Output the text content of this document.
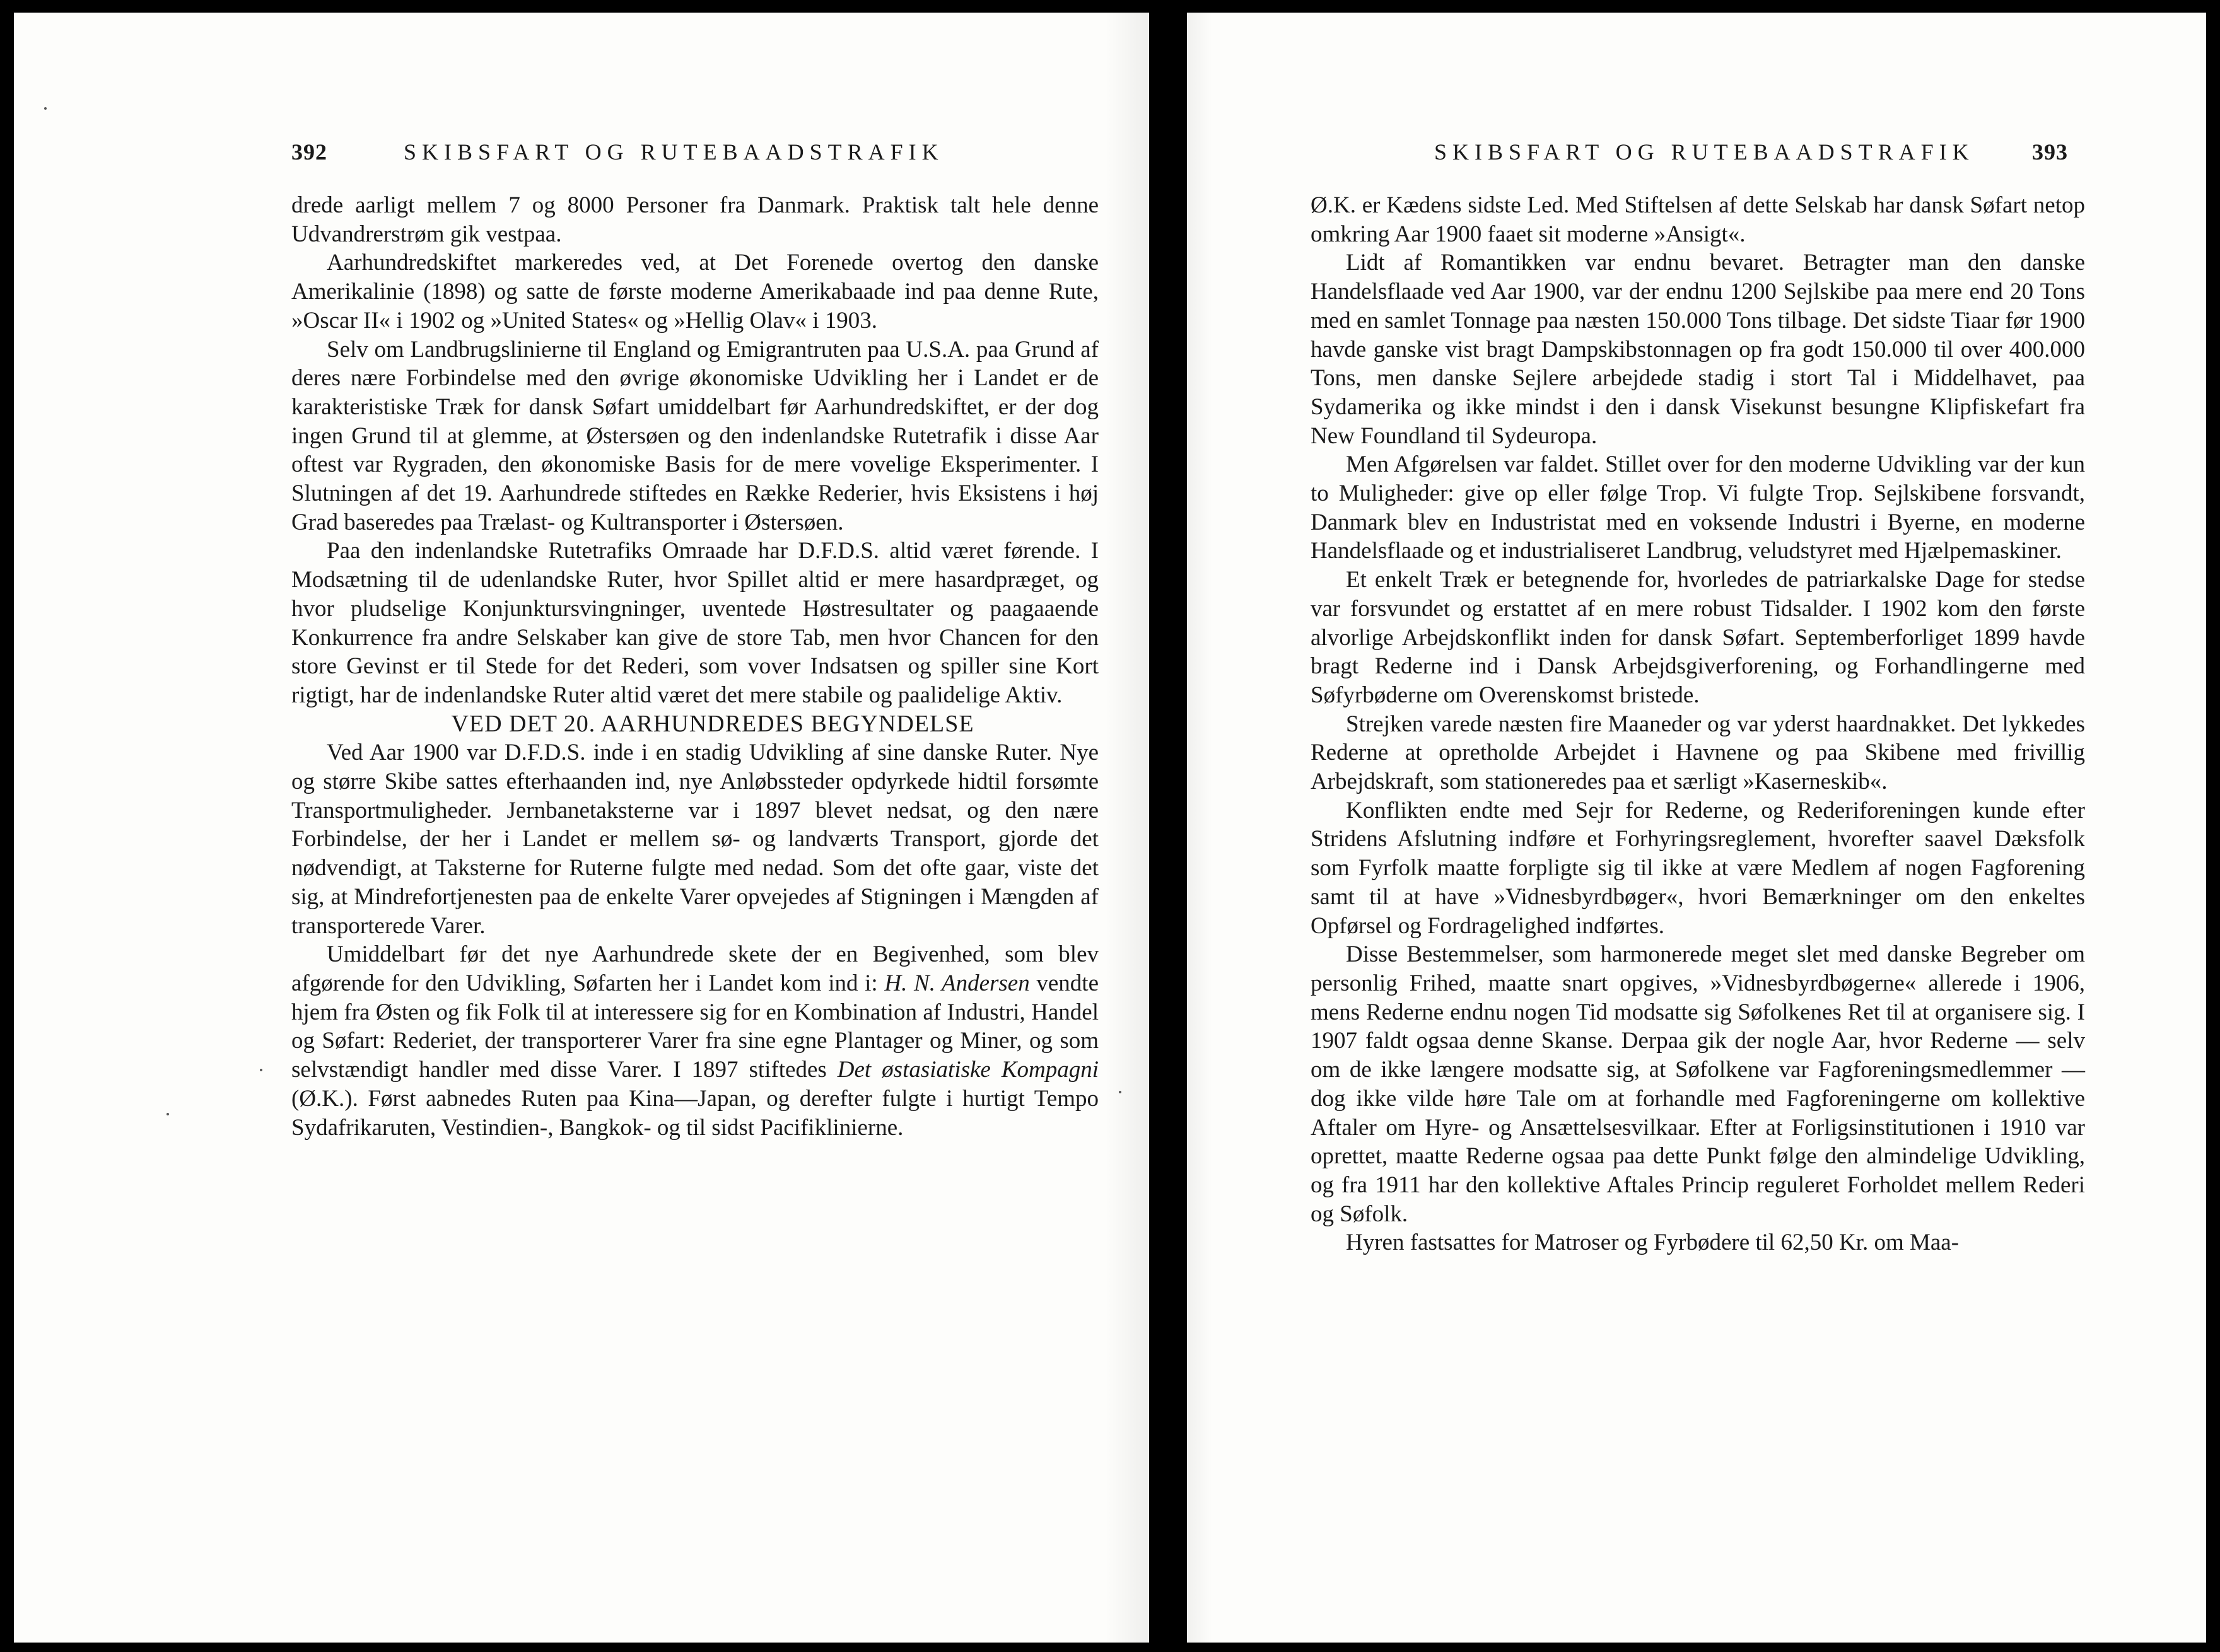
392	SKIBSFART OG RUTEBAADSTRAFIK

drede aarligt mellem 7 og 8000 Personer fra Danmark. Praktisk talt hele denne Udvandrerstrøm gik vestpaa.

Aarhundredskiftet markeredes ved, at Det Forenede overtog den danske Amerikalinie (1898) og satte de første moderne Amerikabaade ind paa denne Rute, »Oscar II« i 1902 og »United States« og »Hellig Olav« i 1903.

Selv om Landbrugslinierne til England og Emigrantruten paa U.S.A. paa Grund af deres nære Forbindelse med den øvrige økonomiske Udvikling her i Landet er de karakteristiske Træk for dansk Søfart umiddelbart før Aarhundredskiftet, er der dog ingen Grund til at glemme, at Østersøen og den indenlandske Rutetrafik i disse Aar oftest var Rygraden, den økonomiske Basis for de mere vovelige Eksperimenter. I Slutningen af det 19. Aarhundrede stiftedes en Række Rederier, hvis Eksistens i høj Grad baseredes paa Trælast- og Kultransporter i Østersøen.

Paa den indenlandske Rutetrafiks Omraade har D.F.D.S. altid været førende. I Modsætning til de udenlandske Ruter, hvor Spillet altid er mere hasardpræget, og hvor pludselige Konjunktursvingninger, uventede Høstresultater og paagaaende Konkurrence fra andre Selskaber kan give de store Tab, men hvor Chancen for den store Gevinst er til Stede for det Rederi, som vover Indsatsen og spiller sine Kort rigtigt, har de indenlandske Ruter altid været det mere stabile og paalidelige Aktiv.

VED DET 20. AARHUNDREDES BEGYNDELSE

Ved Aar 1900 var D.F.D.S. inde i en stadig Udvikling af sine danske Ruter. Nye og større Skibe sattes efterhaanden ind, nye Anløbssteder opdyrkede hidtil forsømte Transportmuligheder. Jernbanetaksterne var i 1897 blevet nedsat, og den nære Forbindelse, der her i Landet er mellem sø- og landværts Transport, gjorde det nødvendigt, at Taksterne for Ruterne fulgte med nedad. Som det ofte gaar, viste det sig, at Mindrefortjenesten paa de enkelte Varer opvejedes af Stigningen i Mængden af transporterede Varer.

Umiddelbart før det nye Aarhundrede skete der en Begivenhed, som blev afgørende for den Udvikling, Søfarten her i Landet kom ind i: H. N. Andersen vendte hjem fra Østen og fik Folk til at interessere sig for en Kombination af Industri, Handel og Søfart: Rederiet, der transporterer Varer fra sine egne Plantager og Miner, og som selvstændigt handler med disse Varer. I 1897 stiftedes Det østasiatiske Kompagni (Ø.K.). Først aabnedes Ruten paa Kina—Japan, og derefter fulgte i hurtigt Tempo Sydafrikaruten, Vestindien-, Bangkok- og til sidst Pacifiklinierne.

SKIBSFART OG RUTEBAADSTRAFIK	393

Ø.K. er Kædens sidste Led. Med Stiftelsen af dette Selskab har dansk Søfart netop omkring Aar 1900 faaet sit moderne »Ansigt«.

Lidt af Romantikken var endnu bevaret. Betragter man den danske Handelsflaade ved Aar 1900, var der endnu 1200 Sejlskibe paa mere end 20 Tons med en samlet Tonnage paa næsten 150.000 Tons tilbage. Det sidste Tiaar før 1900 havde ganske vist bragt Dampskibstonnagen op fra godt 150.000 til over 400.000 Tons, men danske Sejlere arbejdede stadig i stort Tal i Middelhavet, paa Sydamerika og ikke mindst i den i dansk Visekunst besungne Klipfiskefart fra New Foundland til Sydeuropa.

Men Afgørelsen var faldet. Stillet over for den moderne Udvikling var der kun to Muligheder: give op eller følge Trop. Vi fulgte Trop. Sejlskibene forsvandt, Danmark blev en Industristat med en voksende Industri i Byerne, en moderne Handelsflaade og et industrialiseret Landbrug, veludstyret med Hjælpemaskiner.

Et enkelt Træk er betegnende for, hvorledes de patriarkalske Dage for stedse var forsvundet og erstattet af en mere robust Tidsalder. I 1902 kom den første alvorlige Arbejdskonflikt inden for dansk Søfart. Septemberforliget 1899 havde bragt Rederne ind i Dansk Arbejdsgiverforening, og Forhandlingerne med Søfyrbøderne om Overenskomst bristede.

Strejken varede næsten fire Maaneder og var yderst haardnakket. Det lykkedes Rederne at opretholde Arbejdet i Havnene og paa Skibene med frivillig Arbejdskraft, som stationeredes paa et særligt »Kaserneskib«.

Konflikten endte med Sejr for Rederne, og Rederiforeningen kunde efter Stridens Afslutning indføre et Forhyringsreglement, hvorefter saavel Dæksfolk som Fyrfolk maatte forpligte sig til ikke at være Medlem af nogen Fagforening samt til at have »Vidnesbyrdbøger«, hvori Bemærkninger om den enkeltes Opførsel og Fordragelighed indførtes.

Disse Bestemmelser, som harmonerede meget slet med danske Begreber om personlig Frihed, maatte snart opgives, »Vidnesbyrdbøgerne« allerede i 1906, mens Rederne endnu nogen Tid modsatte sig Søfolkenes Ret til at organisere sig. I 1907 faldt ogsaa denne Skanse. Derpaa gik der nogle Aar, hvor Rederne — selv om de ikke længere modsatte sig, at Søfolkene var Fagforeningsmedlemmer — dog ikke vilde høre Tale om at forhandle med Fagforeningerne om kollektive Aftaler om Hyre- og Ansættelsesvilkaar. Efter at Forligsinstitutionen i 1910 var oprettet, maatte Rederne ogsaa paa dette Punkt følge den almindelige Udvikling, og fra 1911 har den kollektive Aftales Princip reguleret Forholdet mellem Rederi og Søfolk.

Hyren fastsattes for Matroser og Fyrbødere til 62,50 Kr. om Maa-
